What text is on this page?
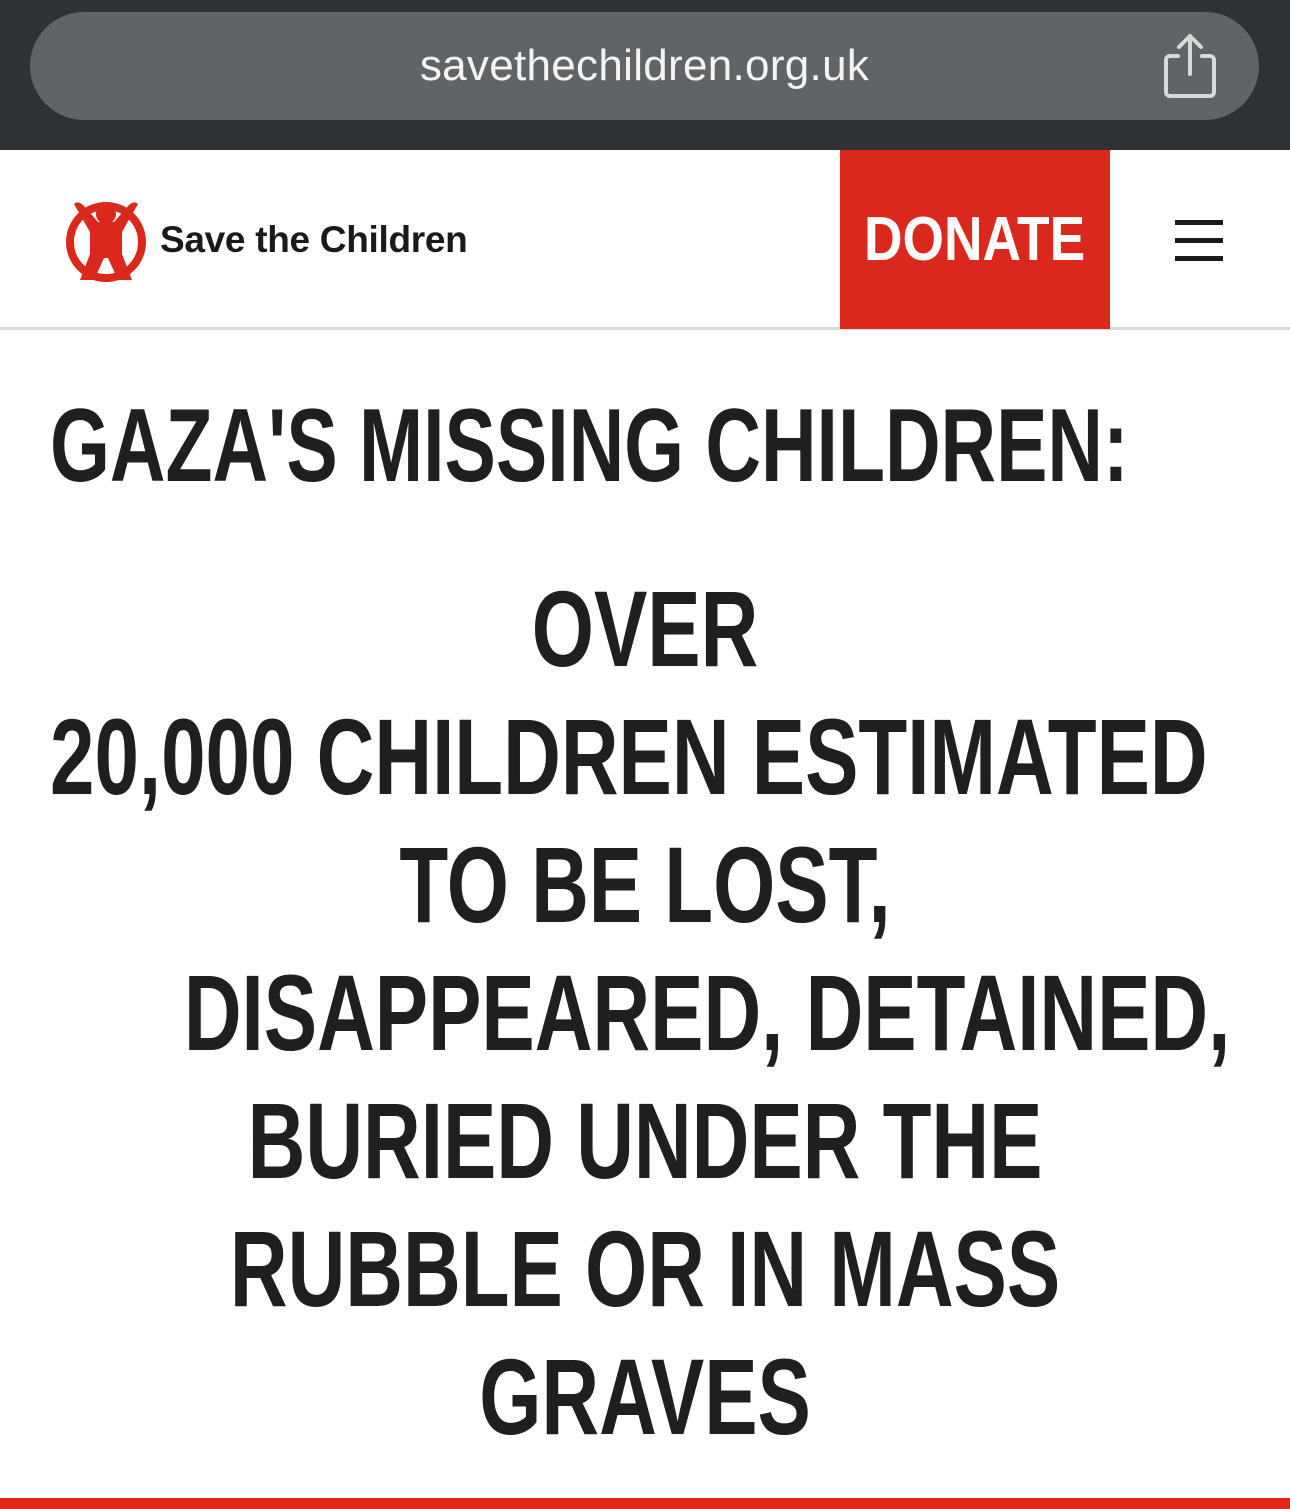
savethechildren.org.uk
Save the Children	DONATE
GAZA'S MISSING CHILDREN:
OVER
20,000 CHILDREN ESTIMATED
TO BE LOST,
DISAPPEARED, DETAINED,
BURIED UNDER THE
RUBBLE OR IN MASS
GRAVES
